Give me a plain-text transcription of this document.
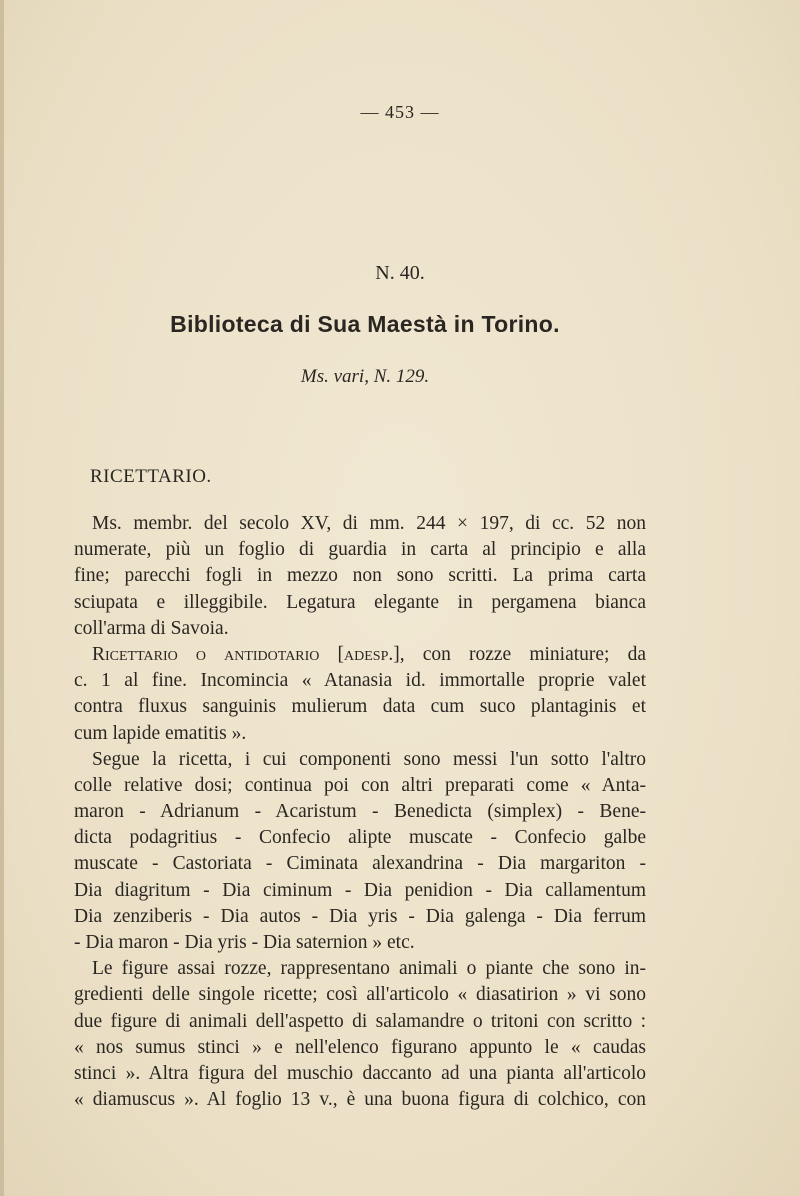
— 453 —
N. 40.
Biblioteca di Sua Maestà in Torino.
Ms. vari, N. 129.
RICETTARIO.
Ms. membr. del secolo XV, di mm. 244 × 197, di cc. 52 non
numerate, più un foglio di guardia in carta al principio e alla
fine; parecchi fogli in mezzo non sono scritti. La prima carta
sciupata e illeggibile. Legatura elegante in pergamena bianca
coll'arma di Savoia.
Ricettario o antidotario [adesp.], con rozze miniature; da
c. 1 al fine. Incomincia « Atanasia id. immortalle proprie valet
contra fluxus sanguinis mulierum data cum suco plantaginis et
cum lapide ematitis ».
Segue la ricetta, i cui componenti sono messi l'un sotto l'altro
colle relative dosi; continua poi con altri preparati come « Anta-
maron - Adrianum - Acaristum - Benedicta (simplex) - Bene-
dicta podagritius - Confecio alipte muscate - Confecio galbe
muscate - Castoriata - Ciminata alexandrina - Dia margariton -
Dia diagritum - Dia ciminum - Dia penidion - Dia callamentum
Dia zenziberis - Dia autos - Dia yris - Dia galenga - Dia ferrum
- Dia maron - Dia yris - Dia saternion » etc.
Le figure assai rozze, rappresentano animali o piante che sono in-
gredienti delle singole ricette; così all'articolo « diasatirion » vi sono
due figure di animali dell'aspetto di salamandre o tritoni con scritto :
« nos sumus stinci » e nell'elenco figurano appunto le « caudas
stinci ». Altra figura del muschio daccanto ad una pianta all'articolo
« diamuscus ». Al foglio 13 v., è una buona figura di colchico, con
